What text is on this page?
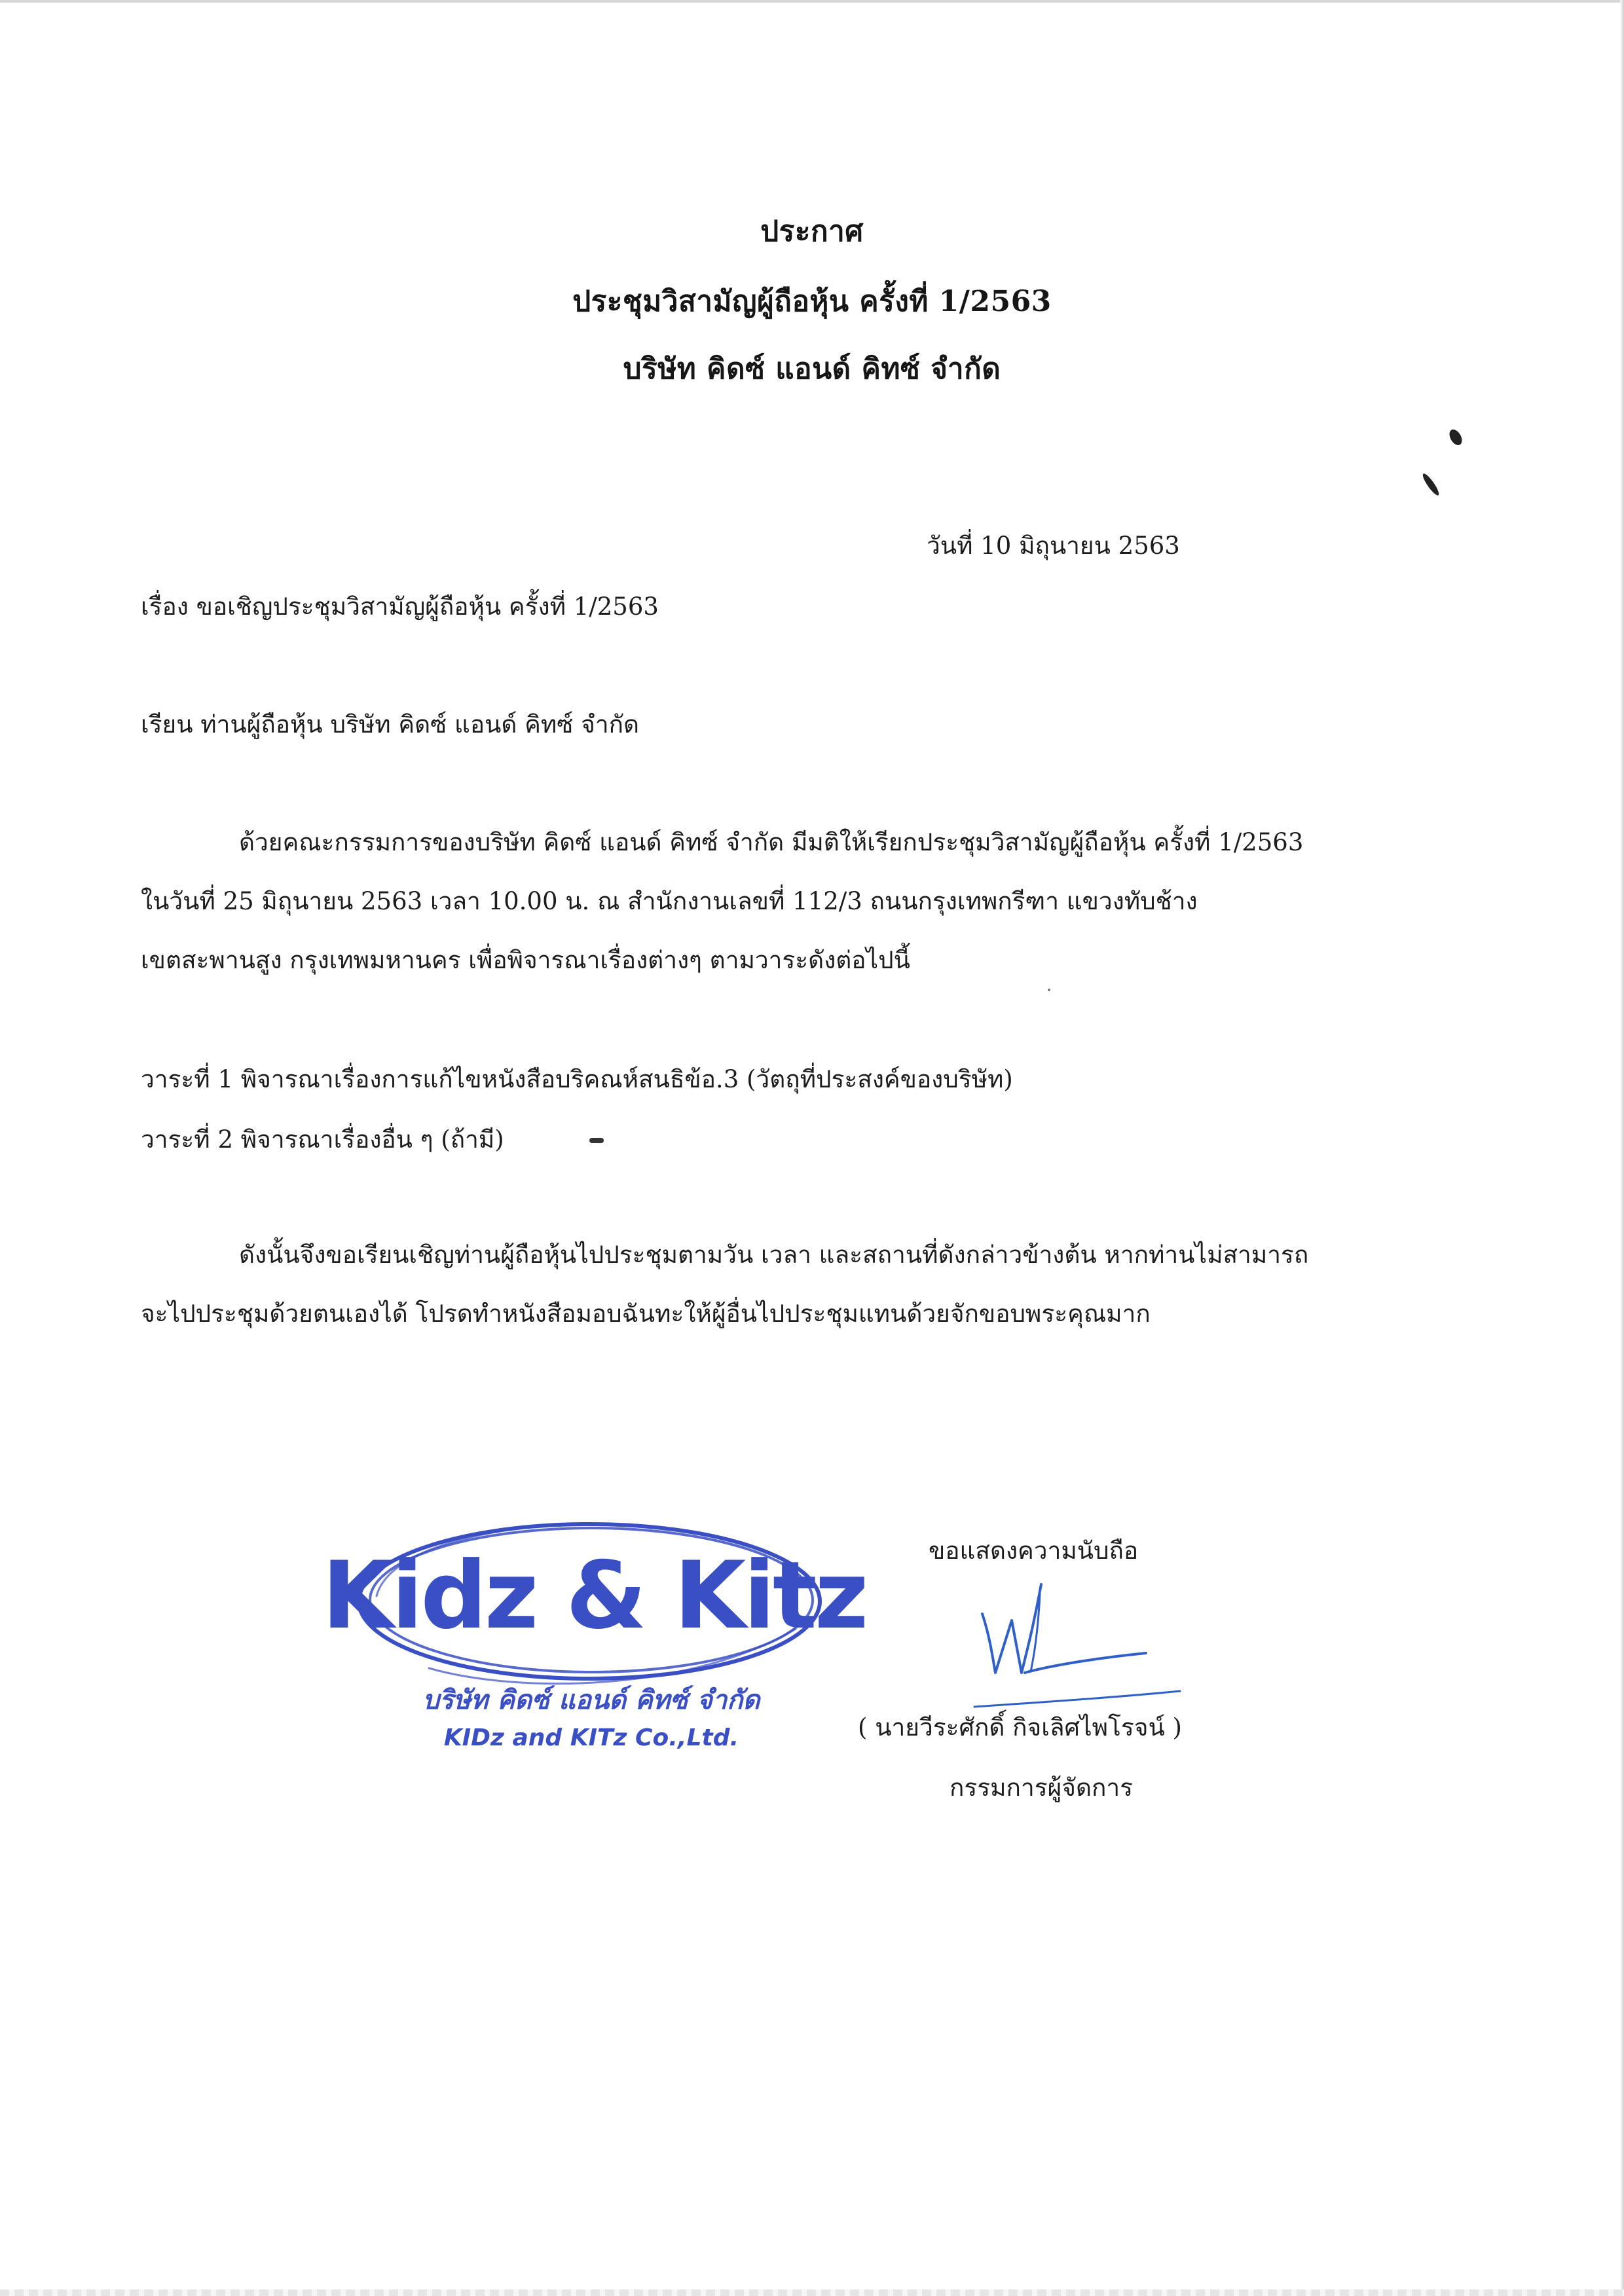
ประกาศ
ประชุมวิสามัญผู้ถือหุ้น ครั้งที่ 1/2563
บริษัท คิดซ์ แอนด์ คิทซ์ จำกัด
วันที่ 10 มิถุนายน 2563
เรื่อง ขอเชิญประชุมวิสามัญผู้ถือหุ้น ครั้งที่ 1/2563
เรียน ท่านผู้ถือหุ้น บริษัท คิดซ์ แอนด์ คิทซ์ จำกัด
ด้วยคณะกรรมการของบริษัท คิดซ์ แอนด์ คิทซ์ จำกัด มีมติให้เรียกประชุมวิสามัญผู้ถือหุ้น ครั้งที่ 1/2563
ในวันที่ 25 มิถุนายน 2563 เวลา 10.00 น. ณ สำนักงานเลขที่ 112/3 ถนนกรุงเทพกรีฑา แขวงทับช้าง
เขตสะพานสูง กรุงเทพมหานคร เพื่อพิจารณาเรื่องต่างๆ ตามวาระดังต่อไปนี้
วาระที่ 1 พิจารณาเรื่องการแก้ไขหนังสือบริคณห์สนธิข้อ.3 (วัตถุที่ประสงค์ของบริษัท)
วาระที่ 2 พิจารณาเรื่องอื่น ๆ (ถ้ามี)
ดังนั้นจึงขอเรียนเชิญท่านผู้ถือหุ้นไปประชุมตามวัน เวลา และสถานที่ดังกล่าวข้างต้น หากท่านไม่สามารถ
จะไปประชุมด้วยตนเองได้ โปรดทำหนังสือมอบฉันทะให้ผู้อื่นไปประชุมแทนด้วยจักขอบพระคุณมาก
ขอแสดงความนับถือ
( นายวีระศักดิ์ กิจเลิศไพโรจน์ )
กรรมการผู้จัดการ
Kidz & Kitz
บริษัท คิดซ์ แอนด์ คิทซ์ จำกัด
KIDz and KITz Co.,Ltd.
